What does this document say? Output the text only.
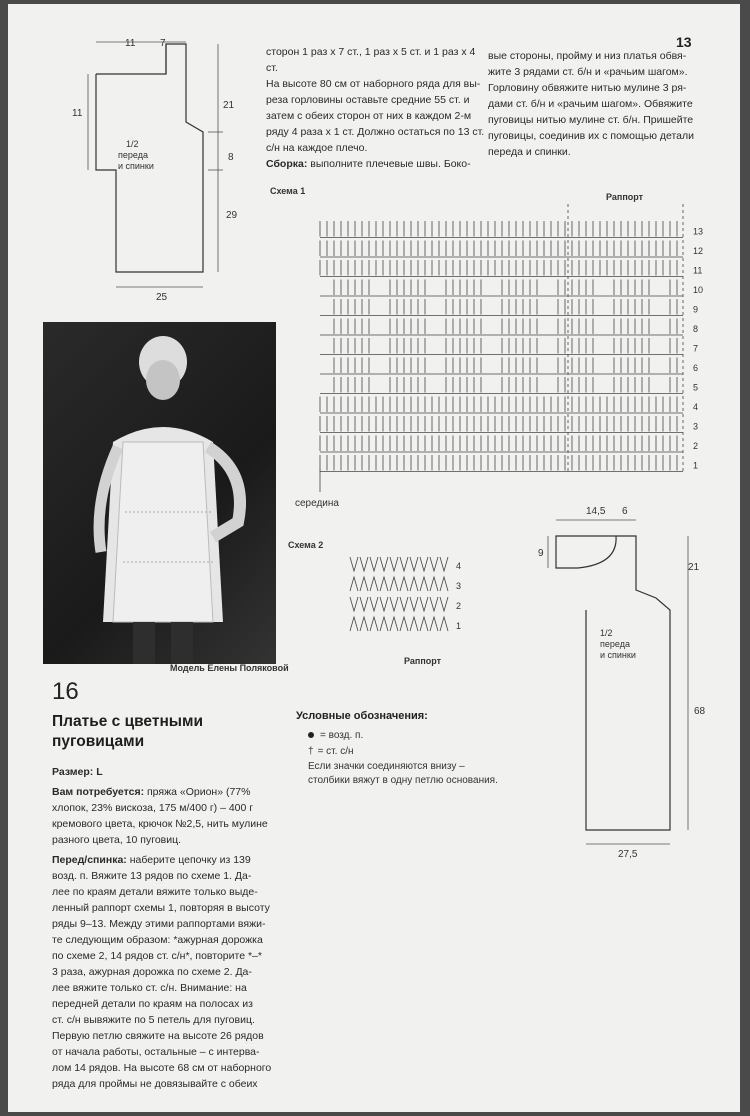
13
11 7
11
21
8
29
25
1/2
переда
и спинки
сторон 1 раз х 7 ст., 1 раз х 5 ст. и 1 раз х 4 ст.
На высоте 80 см от наборного ряда для вы-
реза горловины оставьте средние 55 ст. и
затем с обеих сторон от них в каждом 2-м
ряду 4 раза х 1 ст. Должно остаться по 13 ст.
с/н на каждое плечо.
Сборка: выполните плечевые швы. Боко-
вые стороны, пройму и низ платья обвя-
жите 3 рядами ст. б/н и «рачьим шагом».
Горловину обвяжите нитью мулине 3 ря-
дами ст. б/н и «рачьим шагом». Обвяжите
пуговицы нитью мулине ст. б/н. Пришейте
пуговицы, соединив их с помощью детали
переда и спинки.
Схема 1
Раппорт
13
12
11
10
9
8
7
6
5
4
3
2
1
середина
Модель Елены Поляковой
16
Платье с цветными
пуговицами
Размер: L
Вам потребуется: пряжа «Орион» (77%
хлопок, 23% вискоза, 175 м/400 г) – 400 г
кремового цвета, крючок №2,5, нить мулине
разного цвета, 10 пуговиц.
Перед/спинка: наберите цепочку из 139
возд. п. Вяжите 13 рядов по схеме 1. Да-
лее по краям детали вяжите только выде-
ленный раппорт схемы 1, повторяя в высоту
ряды 9–13. Между этими раппортами вяжи-
те следующим образом: *ажурная дорожка
по схеме 2, 14 рядов ст. с/н*, повторите *–*
3 раза, ажурная дорожка по схеме 2. Да-
лее вяжите только ст. с/н. Внимание: на
передней детали по краям на полосах из
ст. с/н вывяжите по 5 петель для пуговиц.
Первую петлю свяжите на высоте 26 рядов
от начала работы, остальные – с интерва-
лом 14 рядов. На высоте 68 см от наборного
ряда для проймы не довязывайте с обеих
Схема 2
4
3
2
1
Раппорт
Условные обозначения:
= возд. п.
† = ст. с/н
Если значки соединяются внизу –
столбики вяжут в одну петлю основания.
14,5 6
9
21
68
27,5
1/2
переда
и спинки
